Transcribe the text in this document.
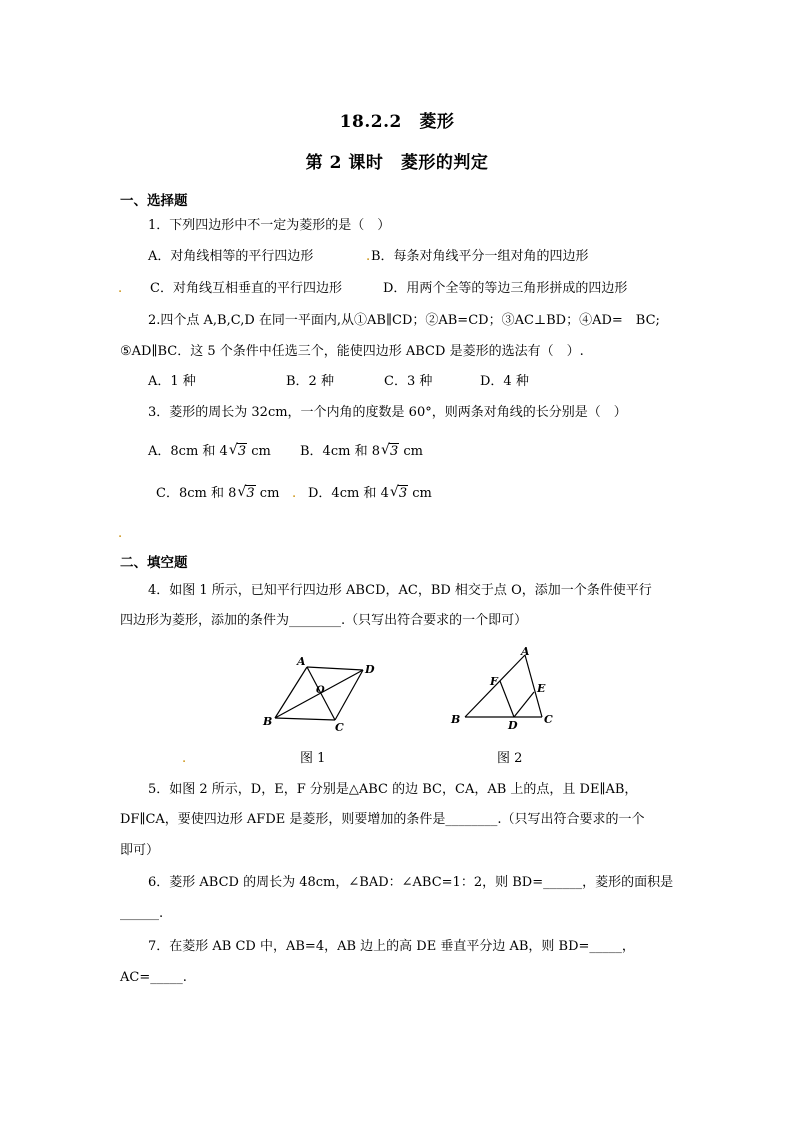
18.2.2　菱形
第 2 课时　菱形的判定
一、选择题
1．下列四边形中不一定为菱形的是（　）
A．对角线相等的平行四边形	B．每条对角线平分一组对角的四边形
C．对角线互相垂直的平行四边形	D．用两个全等的等边三角形拼成的四边形
2.四个点 A,B,C,D 在同一平面内,从①AB∥CD；②AB=CD；③AC⊥BD；④AD=　BC;
⑤AD∥BC．这 5 个条件中任选三个，能使四边形 ABCD 是菱形的选法有（　）.
A．1 种	B．2 种	C．3 种	D．4 种
3．菱形的周长为 32cm，一个内角的度数是 60°，则两条对角线的长分别是（　）
A．8cm 和 4 √ 3 cm B．4cm 和 8 √ 3 cm
C．8cm 和 8 √ 3 cm D．4cm 和 4 √ 3 cm
.
.
.
.
.
二、填空题
4．如图 1 所示，已知平行四边形 ABCD，AC，BD 相交于点 O，添加一个条件使平行
四边形为菱形，添加的条件为________.（只写出符合要求的一个即可）
A
D
B	C
O
图 1
A
B	C
D
E
F
图 2
5．如图 2 所示，D，E，F 分别是△ABC 的边 BC，CA，AB 上的点，且 DE∥AB，
DF∥CA，要使四边形 AFDE 是菱形，则要增加的条件是________.（只写出符合要求的一个
即可）
6．菱形 ABCD 的周长为 48cm，∠BAD：∠ABC=1：2，则 BD=______，菱形的面积是
______.
7．在菱形 AB CD 中，AB=4，AB 边上的高 DE 垂直平分边 AB，则 BD=_____，
AC=_____.
